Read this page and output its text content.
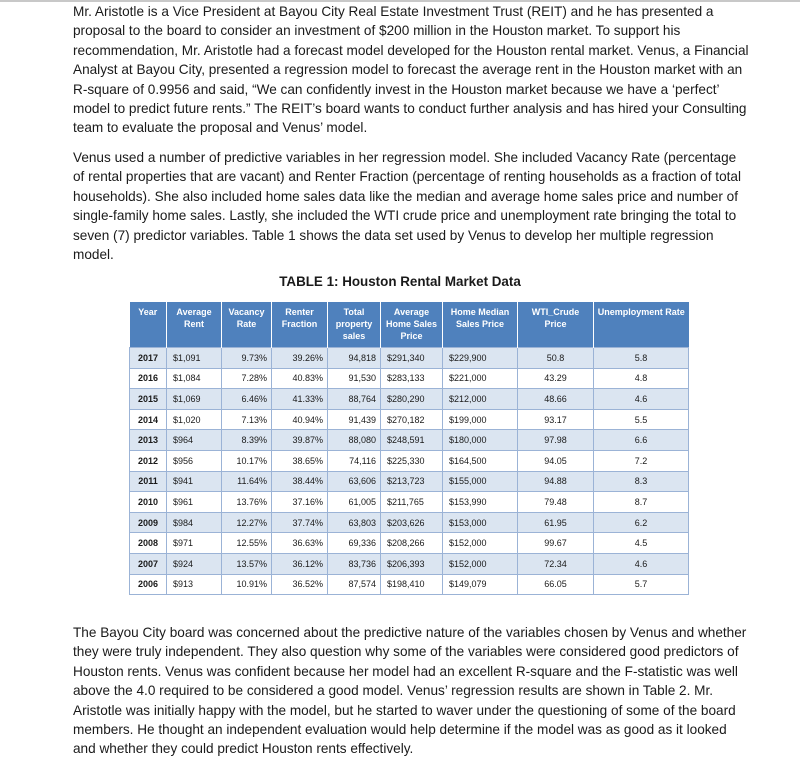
Mr. Aristotle is a Vice President at Bayou City Real Estate Investment Trust (REIT) and he has presented a proposal to the board to consider an investment of $200 million in the Houston market. To support his recommendation, Mr. Aristotle had a forecast model developed for the Houston rental market. Venus, a Financial Analyst at Bayou City, presented a regression model to forecast the average rent in the Houston market with an R-square of 0.9956 and said, “We can confidently invest in the Houston market because we have a ‘perfect’ model to predict future rents.” The REIT’s board wants to conduct further analysis and has hired your Consulting team to evaluate the proposal and Venus’ model.

Venus used a number of predictive variables in her regression model. She included Vacancy Rate (percentage of rental properties that are vacant) and Renter Fraction (percentage of renting households as a fraction of total households). She also included home sales data like the median and average home sales price and number of single-family home sales. Lastly, she included the WTI crude price and unemployment rate bringing the total to seven (7) predictor variables. Table 1 shows the data set used by Venus to develop her multiple regression model.

TABLE 1: Houston Rental Market Data
Year	Average Rent	Vacancy Rate	Renter Fraction	Total property sales	Average Home Sales Price	Home Median Sales Price	WTI_Crude Price	Unemployment Rate
2017	$1,091	9.73%	39.26%	94,818	$291,340	$229,900	50.8	5.8
2016	$1,084	7.28%	40.83%	91,530	$283,133	$221,000	43.29	4.8
2015	$1,069	6.46%	41.33%	88,764	$280,290	$212,000	48.66	4.6
2014	$1,020	7.13%	40.94%	91,439	$270,182	$199,000	93.17	5.5
2013	$964	8.39%	39.87%	88,080	$248,591	$180,000	97.98	6.6
2012	$956	10.17%	38.65%	74,116	$225,330	$164,500	94.05	7.2
2011	$941	11.64%	38.44%	63,606	$213,723	$155,000	94.88	8.3
2010	$961	13.76%	37.16%	61,005	$211,765	$153,990	79.48	8.7
2009	$984	12.27%	37.74%	63,803	$203,626	$153,000	61.95	6.2
2008	$971	12.55%	36.63%	69,336	$208,266	$152,000	99.67	4.5
2007	$924	13.57%	36.12%	83,736	$206,393	$152,000	72.34	4.6
2006	$913	10.91%	36.52%	87,574	$198,410	$149,079	66.05	5.7

The Bayou City board was concerned about the predictive nature of the variables chosen by Venus and whether they were truly independent. They also question why some of the variables were considered good predictors of Houston rents. Venus was confident because her model had an excellent R-square and the F-statistic was well above the 4.0 required to be considered a good model. Venus’ regression results are shown in Table 2. Mr. Aristotle was initially happy with the model, but he started to waver under the questioning of some of the board members. He thought an independent evaluation would help determine if the model was as good as it looked and whether they could predict Houston rents effectively.
